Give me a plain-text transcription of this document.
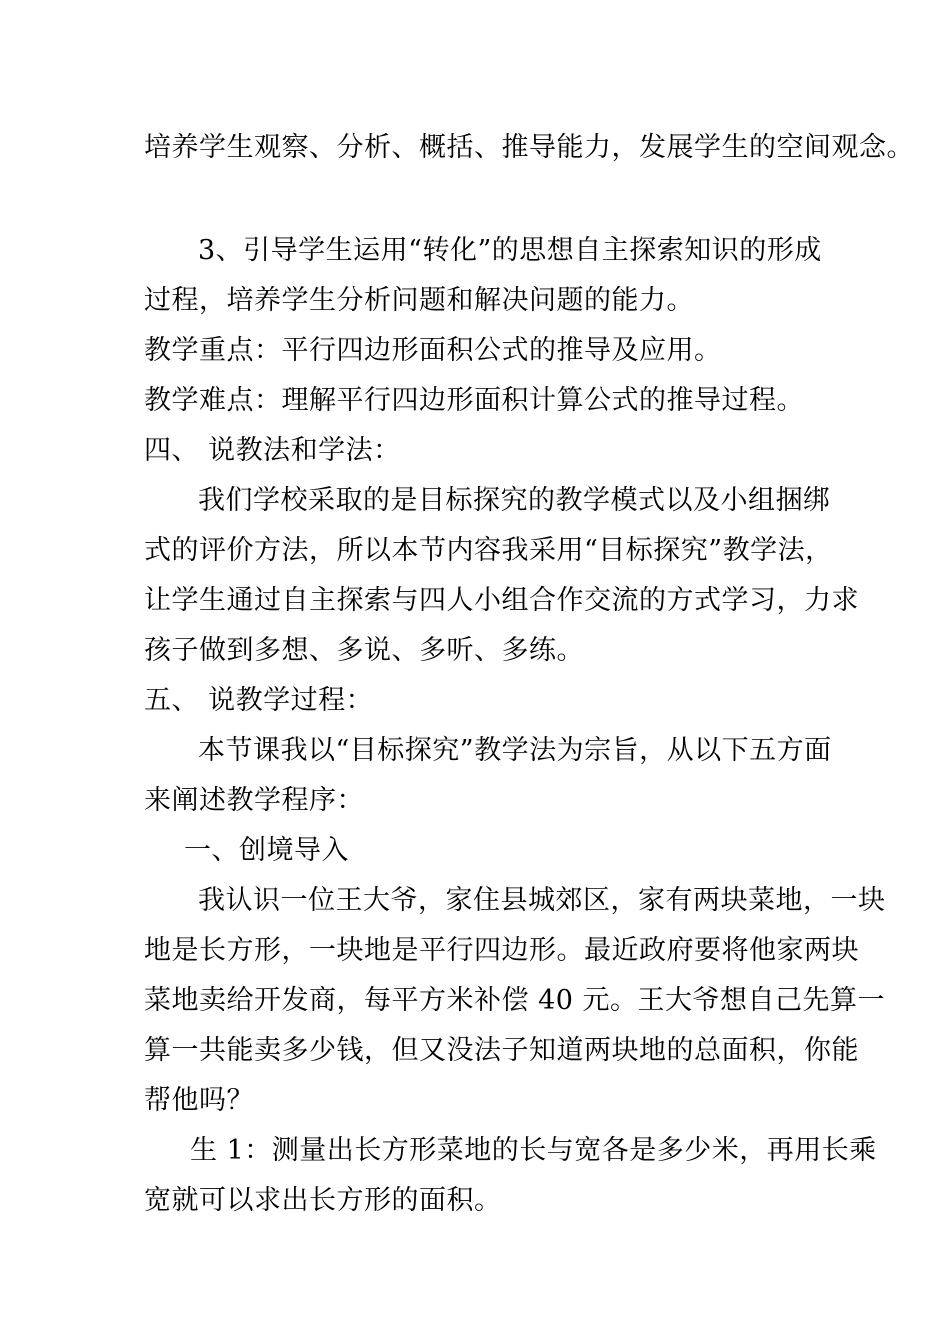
培养学生观察、分析、概括、推导能力，发展学生的空间观念。
3、引导学生运用“转化”的思想自主探索知识的形成
过程，培养学生分析问题和解决问题的能力。
教学重点：平行四边形面积公式的推导及应用。
教学难点：理解平行四边形面积计算公式的推导过程。
四、 说教法和学法：
我们学校采取的是目标探究的教学模式以及小组捆绑
式的评价方法，所以本节内容我采用“目标探究”教学法，
让学生通过自主探索与四人小组合作交流的方式学习，力求
孩子做到多想、多说、多听、多练。
五、 说教学过程：
本节课我以“目标探究”教学法为宗旨，从以下五方面
来阐述教学程序：
一、创境导入
我认识一位王大爷，家住县城郊区，家有两块菜地，一块
地是长方形，一块地是平行四边形。最近政府要将他家两块
菜地卖给开发商，每平方米补偿 40 元。王大爷想自己先算一
算一共能卖多少钱，但又没法子知道两块地的总面积，你能
帮他吗？
生 1：测量出长方形菜地的长与宽各是多少米，再用长乘
宽就可以求出长方形的面积。
